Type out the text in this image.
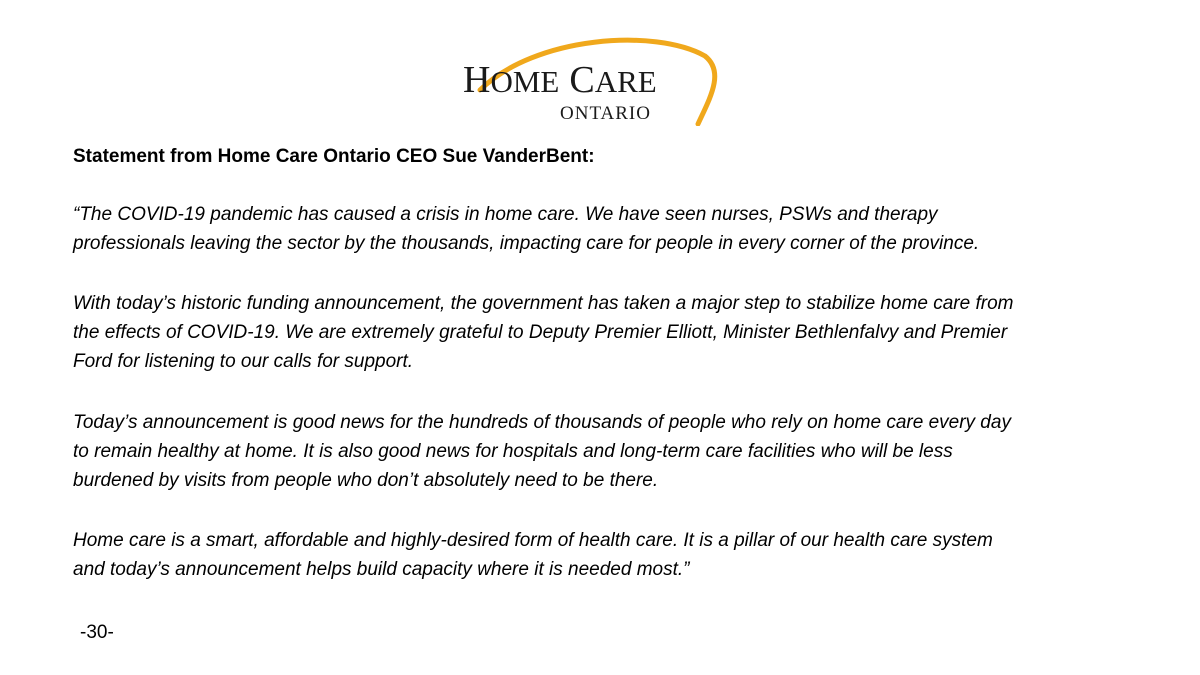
HOME CARE
ONTARIO
Statement from Home Care Ontario CEO Sue VanderBent:

“The COVID-19 pandemic has caused a crisis in home care. We have seen nurses, PSWs and therapy
professionals leaving the sector by the thousands, impacting care for people in every corner of the province.

With today’s historic funding announcement, the government has taken a major step to stabilize home care from
the effects of COVID-19. We are extremely grateful to Deputy Premier Elliott, Minister Bethlenfalvy and Premier
Ford for listening to our calls for support.

Today’s announcement is good news for the hundreds of thousands of people who rely on home care every day
to remain healthy at home. It is also good news for hospitals and long-term care facilities who will be less
burdened by visits from people who don’t absolutely need to be there.

Home care is a smart, affordable and highly-desired form of health care. It is a pillar of our health care system
and today’s announcement helps build capacity where it is needed most.”

-30-
